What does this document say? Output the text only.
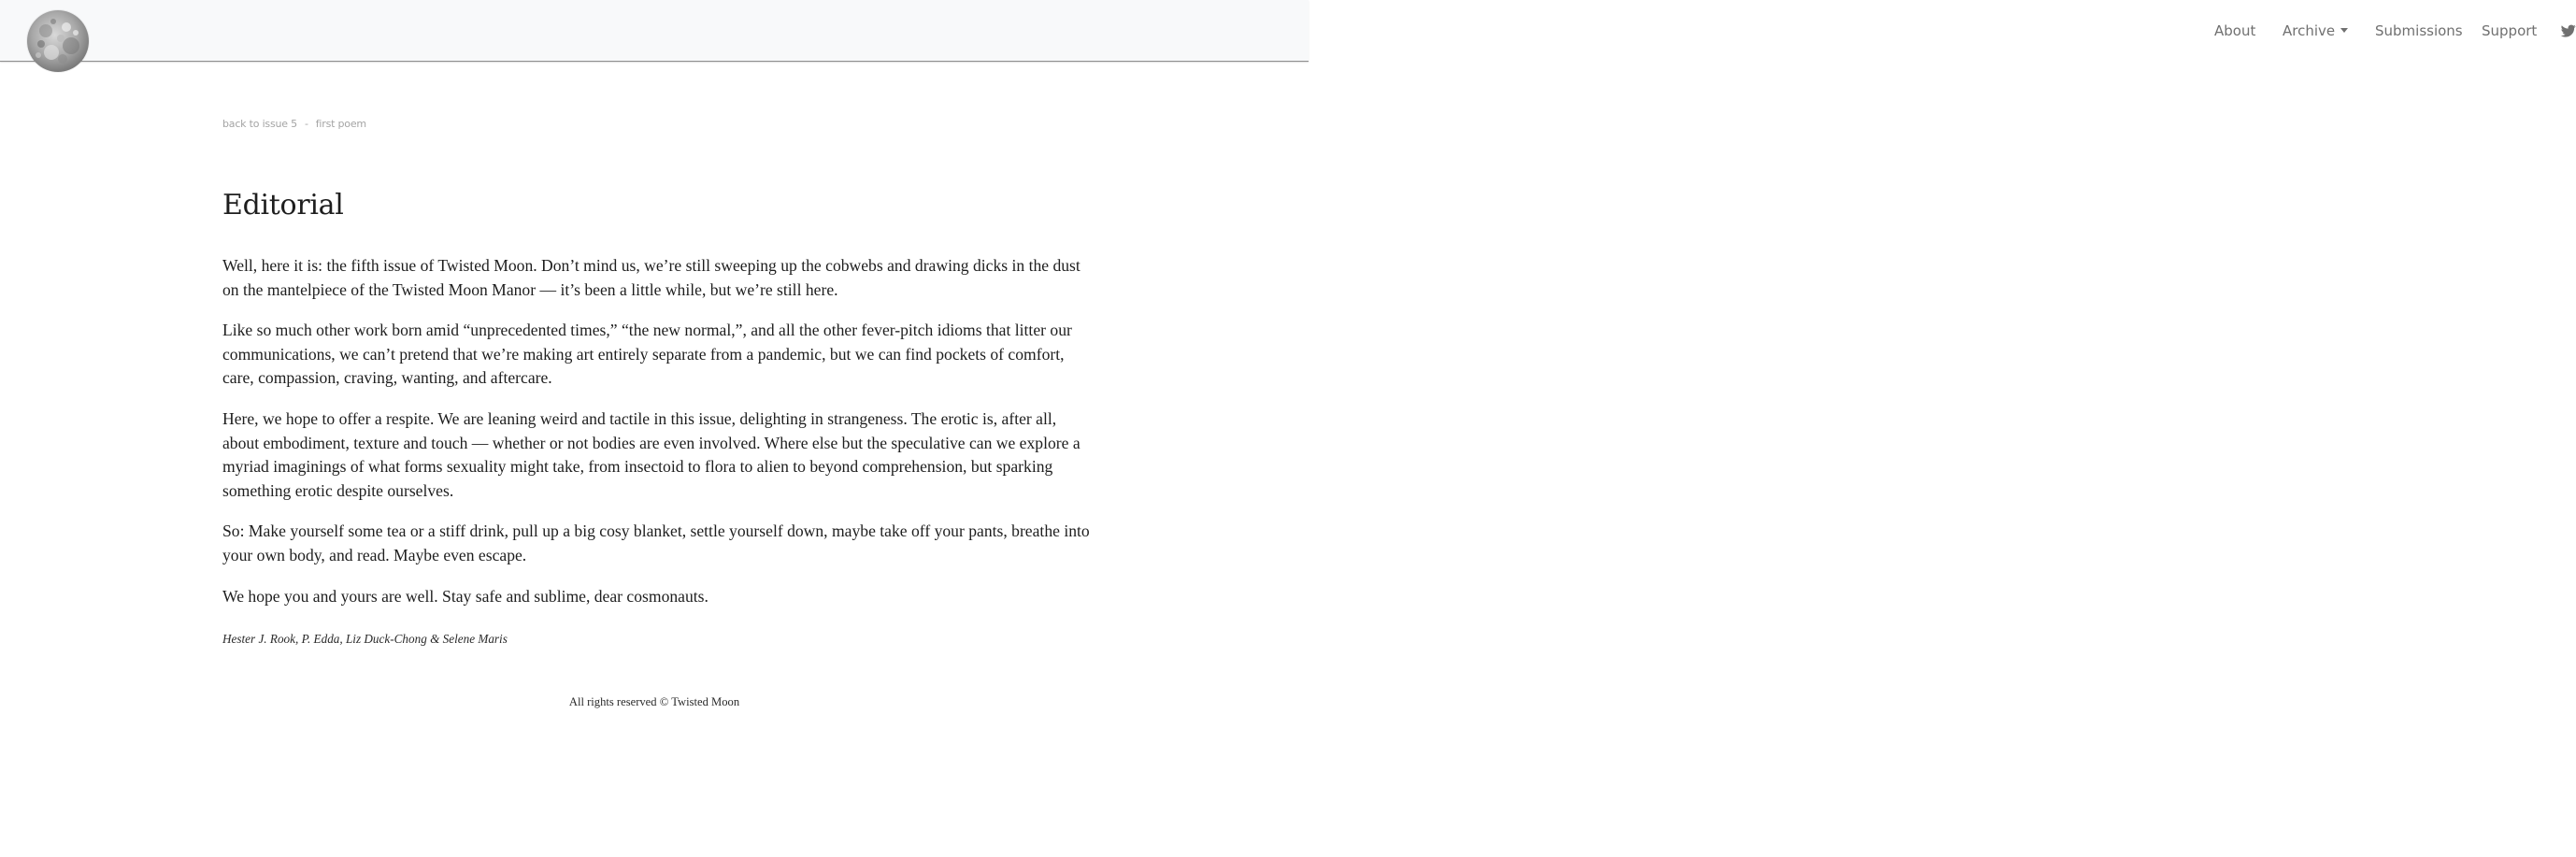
About Archive	Submissions Support
back to issue 5 - first poem
Editorial

Well, here it is: the fifth issue of Twisted Moon. Don’t mind us, we’re still sweeping up the cobwebs and drawing dicks in the dust on the mantelpiece of the Twisted Moon Manor — it’s been a little while, but we’re still here.

Like so much other work born amid “unprecedented times,” “the new normal,”, and all the other fever-pitch idioms that litter our communications, we can’t pretend that we’re making art entirely separate from a pandemic, but we can find pockets of comfort, care, compassion, craving, wanting, and aftercare.

Here, we hope to offer a respite. We are leaning weird and tactile in this issue, delighting in strangeness. The erotic is, after all, about embodiment, texture and touch — whether or not bodies are even involved. Where else but the speculative can we explore a myriad imaginings of what forms sexuality might take, from insectoid to flora to alien to beyond comprehension, but sparking something erotic despite ourselves.

So: Make yourself some tea or a stiff drink, pull up a big cosy blanket, settle yourself down, maybe take off your pants, breathe into your own body, and read. Maybe even escape.

We hope you and yours are well. Stay safe and sublime, dear cosmonauts.

Hester J. Rook, P. Edda, Liz Duck-Chong & Selene Maris

All rights reserved © Twisted Moon
